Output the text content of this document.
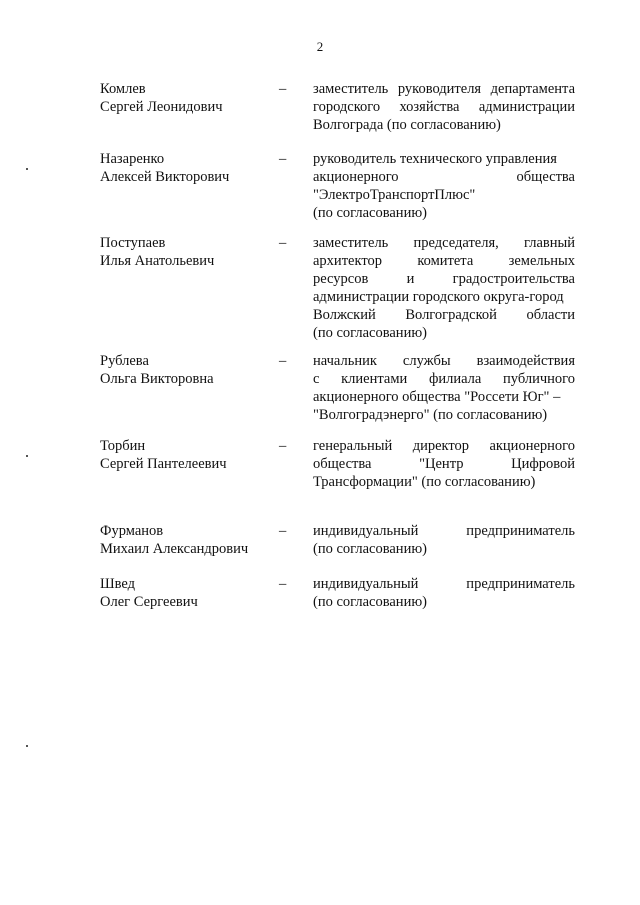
2
Комлев
Сергей Леонидович
– заместитель руководителя департамента
городского хозяйства администрации
Волгограда (по согласованию)
Назаренко
Алексей Викторович
– руководитель технического управления
акционерного общества
"ЭлектроТранспортПлюс"
(по согласованию)
Поступаев
Илья Анатольевич
– заместитель председателя, главный
архитектор комитета земельных
ресурсов и градостроительства
администрации городского округа-город
Волжский Волгоградской области
(по согласованию)
Рублева
Ольга Викторовна
– начальник службы взаимодействия
с клиентами филиала публичного
акционерного общества "Россети Юг" –
"Волгоградэнерго" (по согласованию)
Торбин
Сергей Пантелеевич
– генеральный директор акционерного
общества "Центр Цифровой
Трансформации" (по согласованию)
Фурманов
Михаил Александрович
– индивидуальный предприниматель
(по согласованию)
Швед
Олег Сергеевич
– индивидуальный предприниматель
(по согласованию)
